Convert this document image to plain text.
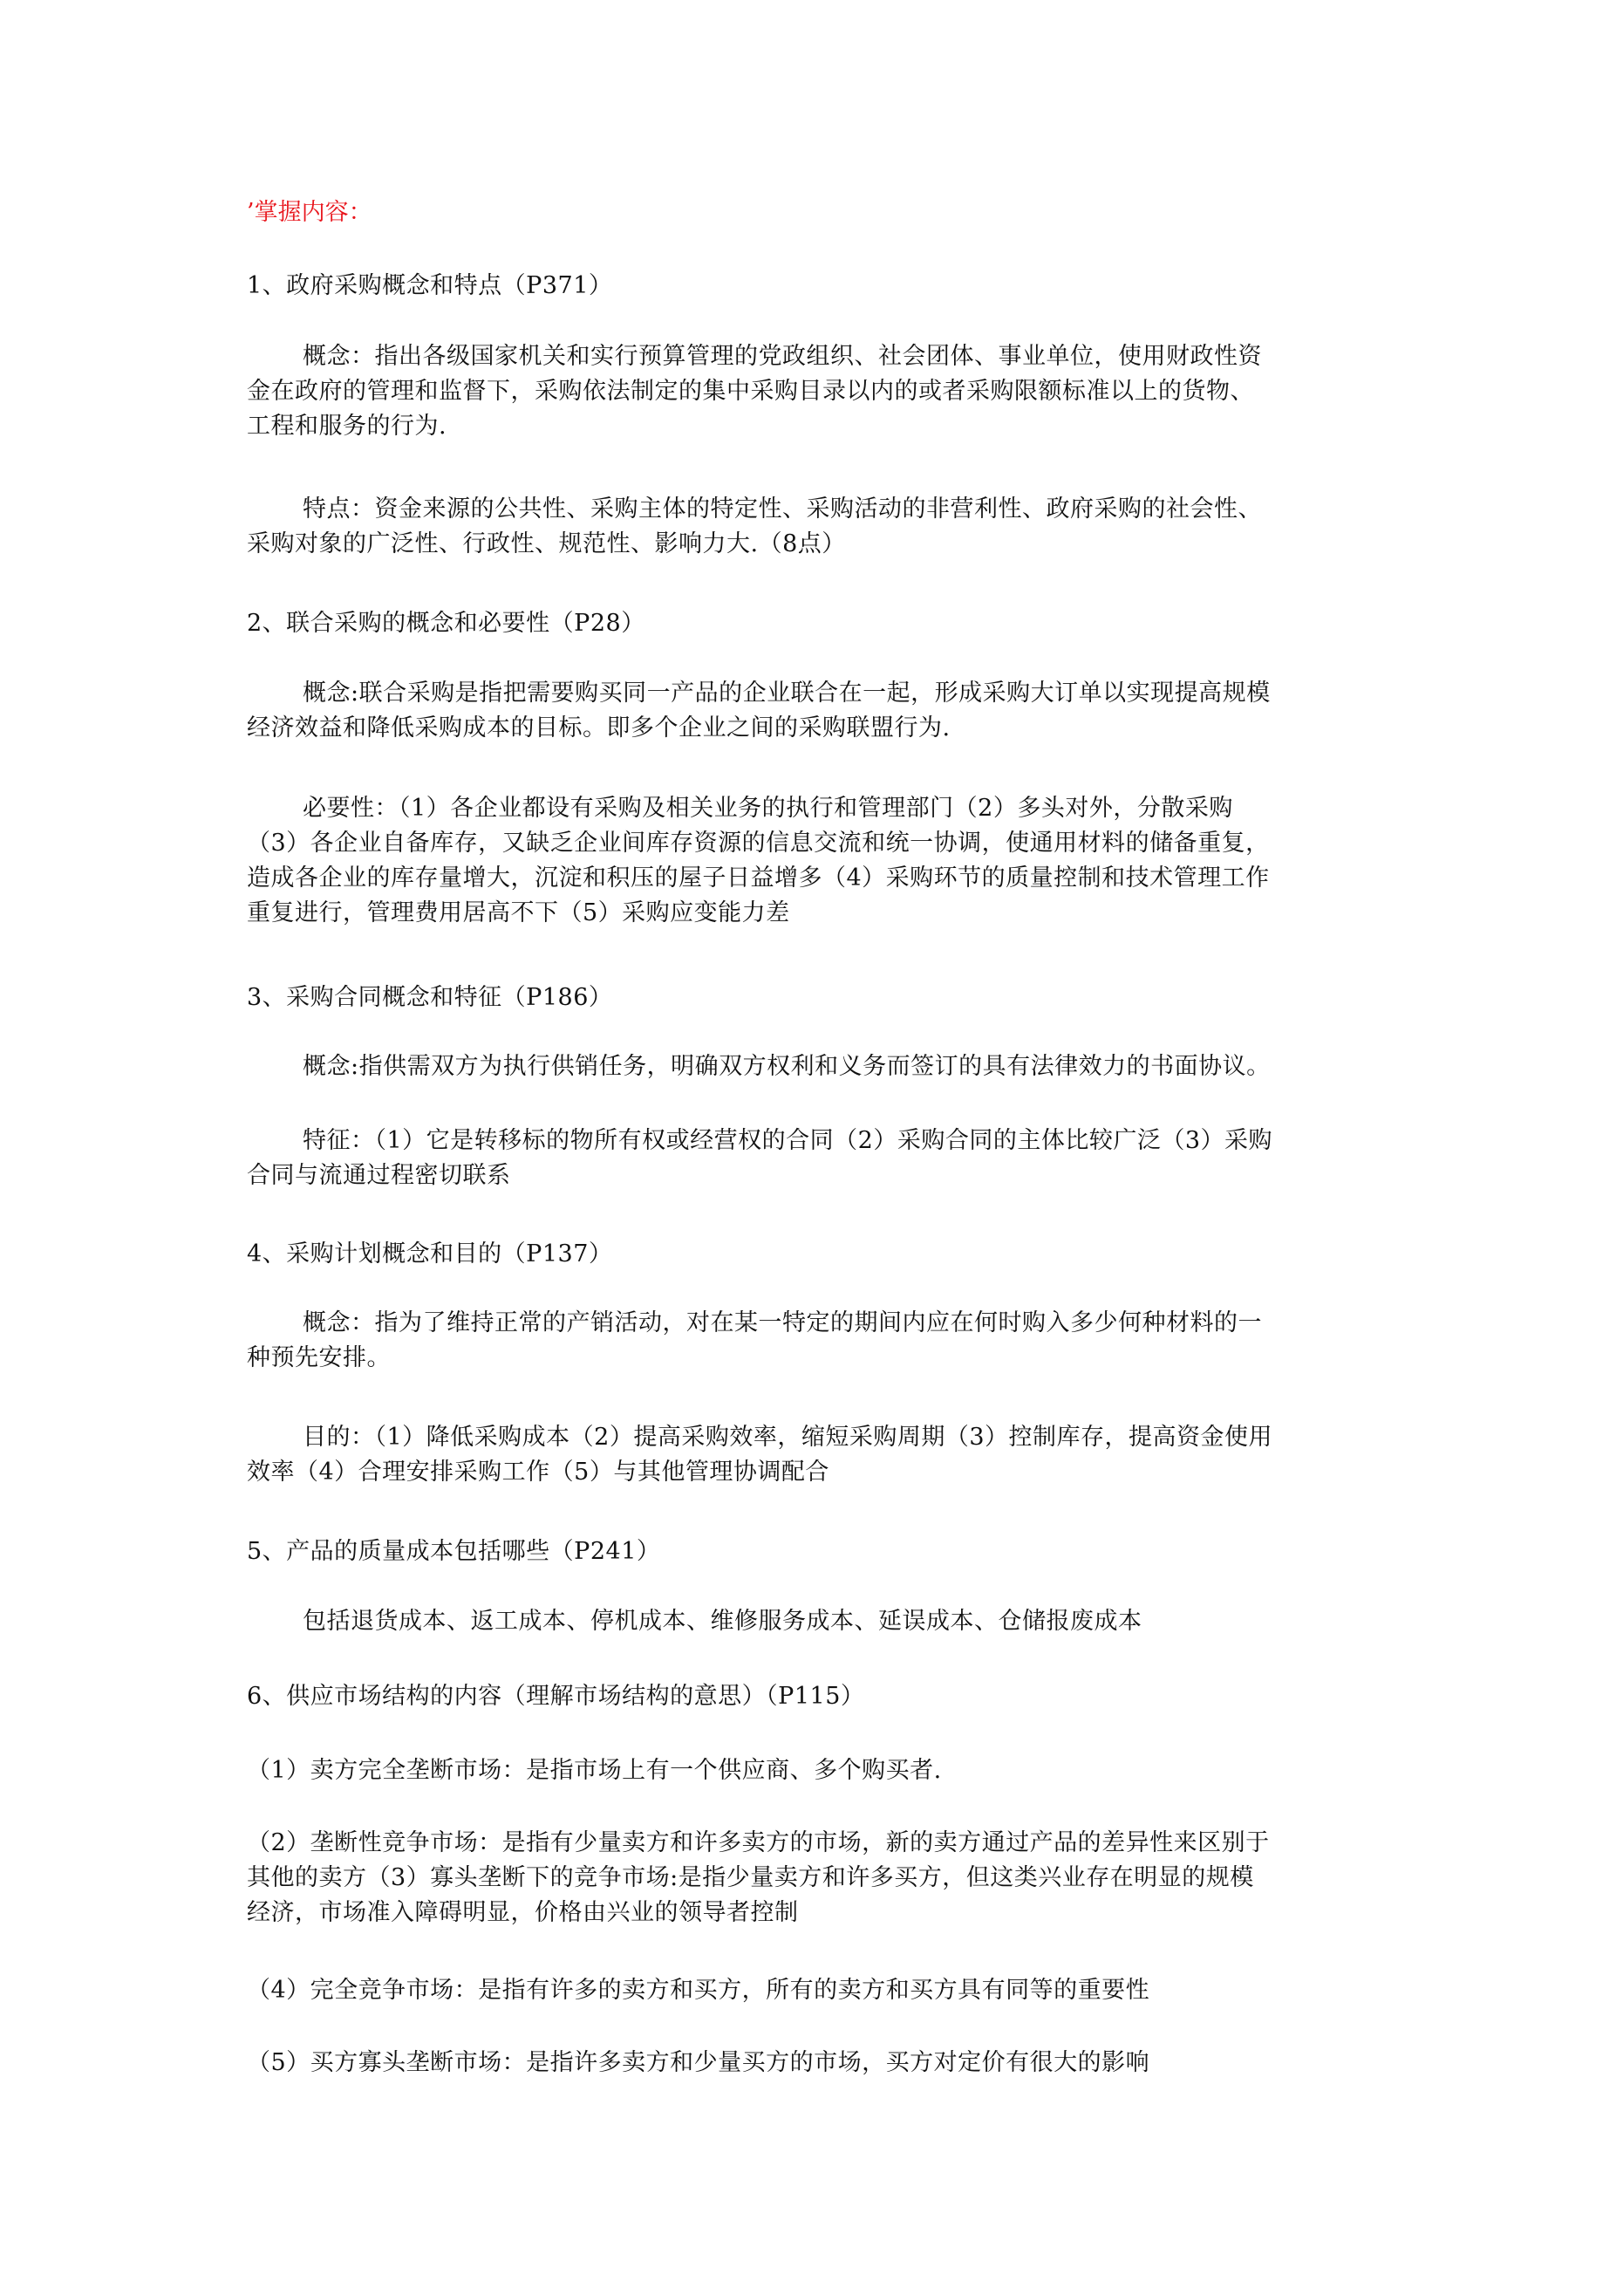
’掌握内容：
1、政府采购概念和特点（P371）
概念：指出各级国家机关和实行预算管理的党政组织、社会团体、事业单位，使用财政性资
金在政府的管理和监督下，采购依法制定的集中采购目录以内的或者采购限额标准以上的货物、
工程和服务的行为.
特点：资金来源的公共性、采购主体的特定性、采购活动的非营利性、政府采购的社会性、
采购对象的广泛性、行政性、规范性、影响力大.（8点）
2、联合采购的概念和必要性（P28）
概念:联合采购是指把需要购买同一产品的企业联合在一起，形成采购大订单以实现提高规模
经济效益和降低采购成本的目标。即多个企业之间的采购联盟行为.
必要性：（1）各企业都设有采购及相关业务的执行和管理部门（2）多头对外，分散采购
（3）各企业自备库存，又缺乏企业间库存资源的信息交流和统一协调，使通用材料的储备重复，
造成各企业的库存量增大，沉淀和积压的屋子日益增多（4）采购环节的质量控制和技术管理工作
重复进行，管理费用居高不下（5）采购应变能力差
3、采购合同概念和特征（P186）
概念:指供需双方为执行供销任务，明确双方权利和义务而签订的具有法律效力的书面协议。
特征：（1）它是转移标的物所有权或经营权的合同（2）采购合同的主体比较广泛（3）采购
合同与流通过程密切联系
4、采购计划概念和目的（P137）
概念：指为了维持正常的产销活动，对在某一特定的期间内应在何时购入多少何种材料的一
种预先安排。
目的：（1）降低采购成本（2）提高采购效率，缩短采购周期（3）控制库存，提高资金使用
效率（4）合理安排采购工作（5）与其他管理协调配合
5、产品的质量成本包括哪些（P241）
包括退货成本、返工成本、停机成本、维修服务成本、延误成本、仓储报废成本
6、供应市场结构的内容（理解市场结构的意思）（P115）
（1）卖方完全垄断市场：是指市场上有一个供应商、多个购买者.
（2）垄断性竞争市场：是指有少量卖方和许多卖方的市场，新的卖方通过产品的差异性来区别于
其他的卖方（3）寡头垄断下的竞争市场:是指少量卖方和许多买方，但这类兴业存在明显的规模
经济，市场准入障碍明显，价格由兴业的领导者控制
（4）完全竞争市场：是指有许多的卖方和买方，所有的卖方和买方具有同等的重要性
（5）买方寡头垄断市场：是指许多卖方和少量买方的市场，买方对定价有很大的影响
